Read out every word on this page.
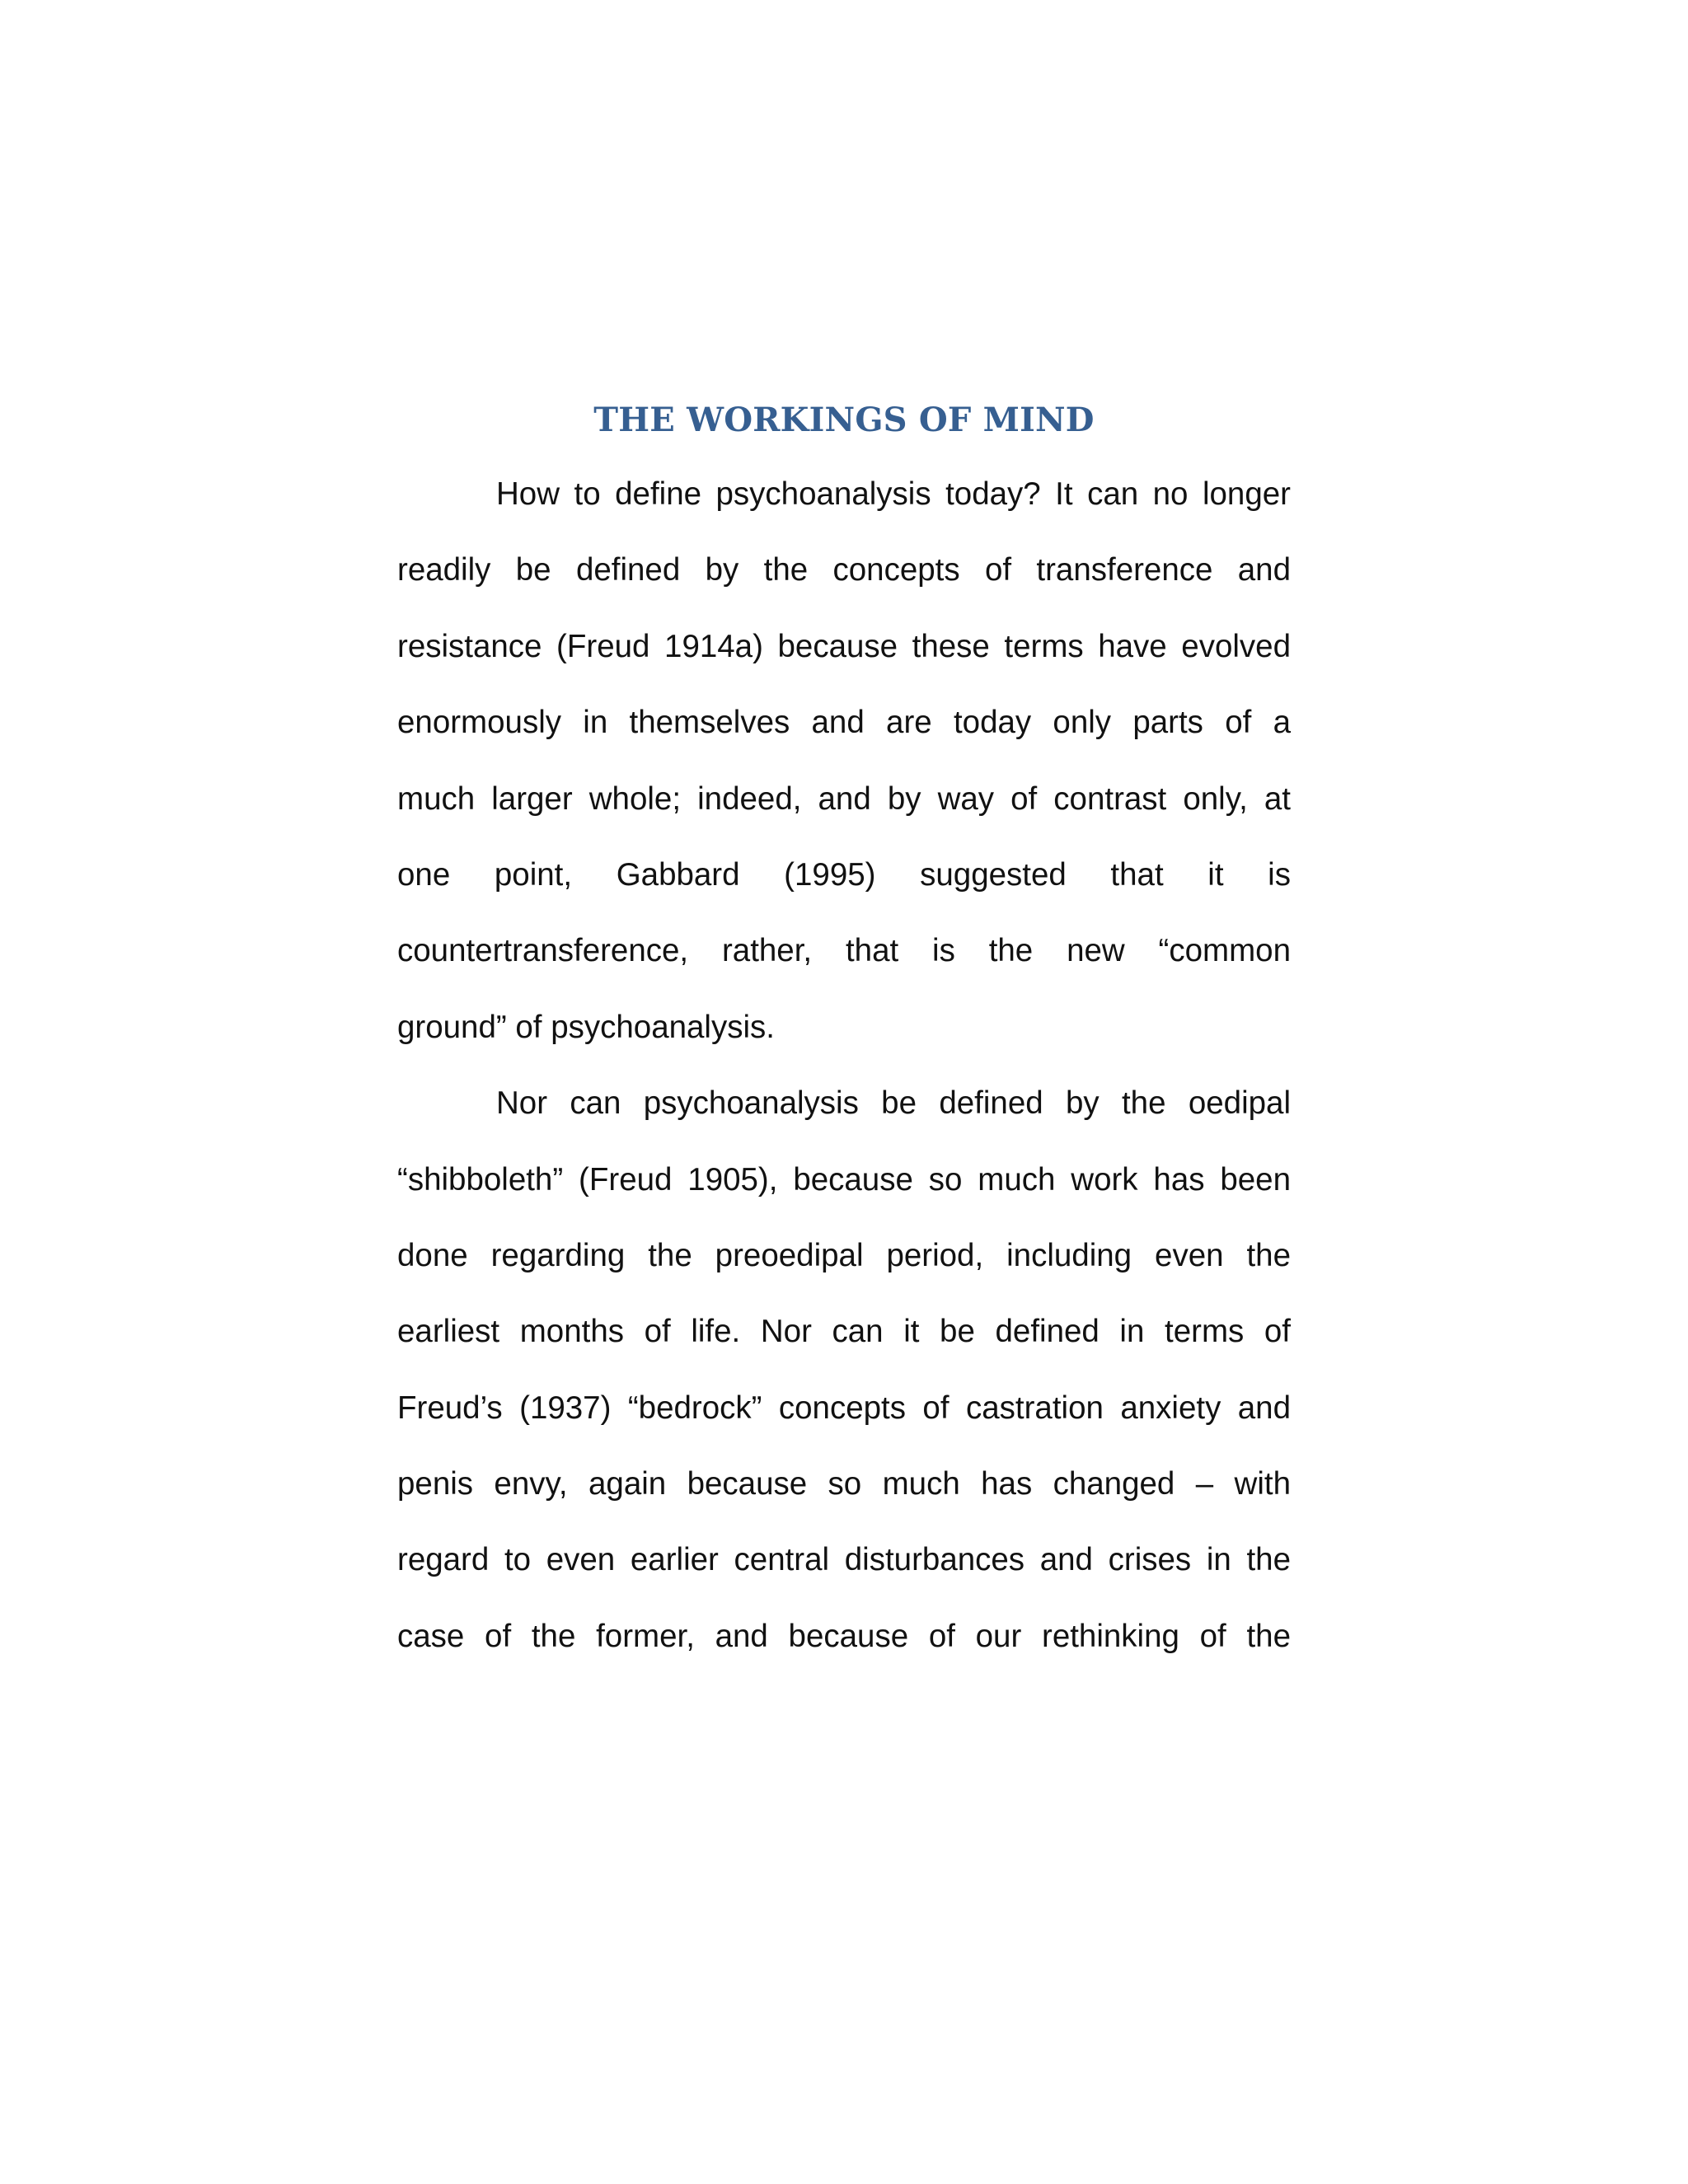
THE WORKINGS OF MIND
How to define psychoanalysis today? It can no longer
readily be defined by the concepts of transference and
resistance (Freud 1914a) because these terms have evolved
enormously in themselves and are today only parts of a
much larger whole; indeed, and by way of contrast only, at
one point, Gabbard (1995) suggested that it is
countertransference, rather, that is the new “common
ground” of psychoanalysis.
Nor can psychoanalysis be defined by the oedipal
“shibboleth” (Freud 1905), because so much work has been
done regarding the preoedipal period, including even the
earliest months of life. Nor can it be defined in terms of
Freud’s (1937) “bedrock” concepts of castration anxiety and
penis envy, again because so much has changed – with
regard to even earlier central disturbances and crises in the
case of the former, and because of our rethinking of the
